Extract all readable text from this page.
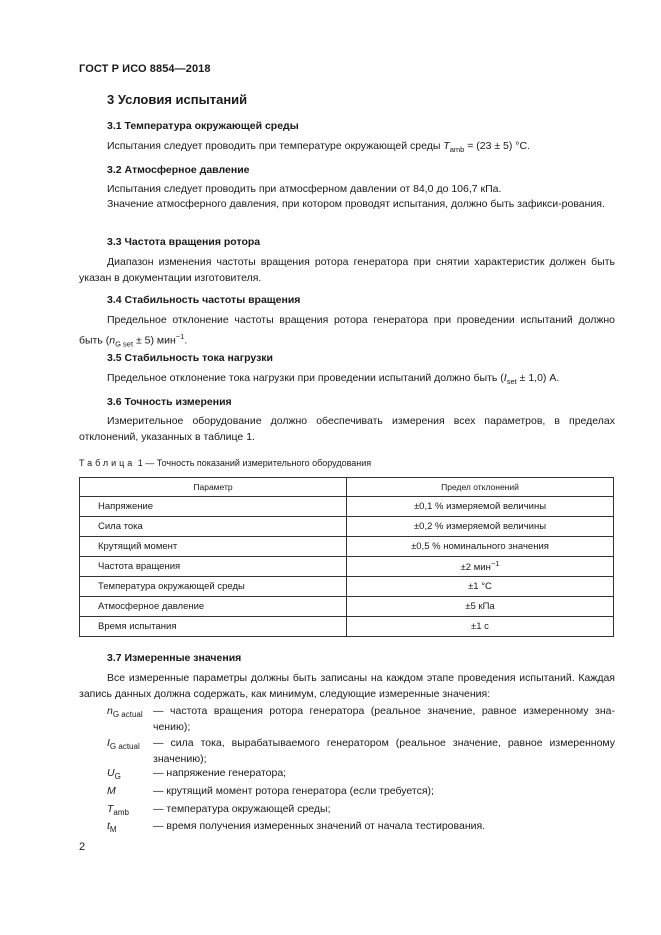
ГОСТ Р ИСО 8854—2018
3 Условия испытаний
3.1 Температура окружающей среды
Испытания следует проводить при температуре окружающей среды $T_{amb} = (23 \pm 5)$ °C.
3.2 Атмосферное давление
Испытания следует проводить при атмосферном давлении от 84,0 до 106,7 кПа.
Значение атмосферного давления, при котором проводят испытания, должно быть зафикси-рования.
3.3 Частота вращения ротора
Диапазон изменения частоты вращения ротора генератора при снятии характеристик должен быть указан в документации изготовителя.
3.4 Стабильность частоты вращения
Предельное отклонение частоты вращения ротора генератора при проведении испытаний должно быть $(n_{G set} \pm 5)$ мин$^{-1}$.
3.5 Стабильность тока нагрузки
Предельное отклонение тока нагрузки при проведении испытаний должно быть $(I_{set} \pm 1,0)$ А.
3.6 Точность измерения
Измерительное оборудование должно обеспечивать измерения всех параметров, в пределах отклонений, указанных в таблице 1.
Таблица 1 — Точность показаний измерительного оборудования
Параметр	Предел отклонений
Напряжение	±0,1 % измеряемой величины
Сила тока	±0,2 % измеряемой величины
Крутящий момент	±0,5 % номинального значения
Частота вращения	±2 мин$^{-1}$
Температура окружающей среды	±1 °С
Атмосферное давление	±5 кПа
Время испытания	±1 с
3.7 Измеренные значения
Все измеренные параметры должны быть записаны на каждом этапе проведения испытаний. Каждая запись данных должна содержать, как минимум, следующие измеренные значения:
$n_{G actual}$ — частота вращения ротора генератора (реальное значение, равное измеренному зна-чению);
$I_{G actual}$	— сила тока, вырабатываемого генератором (реальное значение, равное измеренному значению);
$U_G$	— напряжение генератора;
M	— крутящий момент ротора генератора (если требуется);
$T_{amb}$	— температура окружающей среды;
$t_M$	— время получения измеренных значений от начала тестирования.
2
